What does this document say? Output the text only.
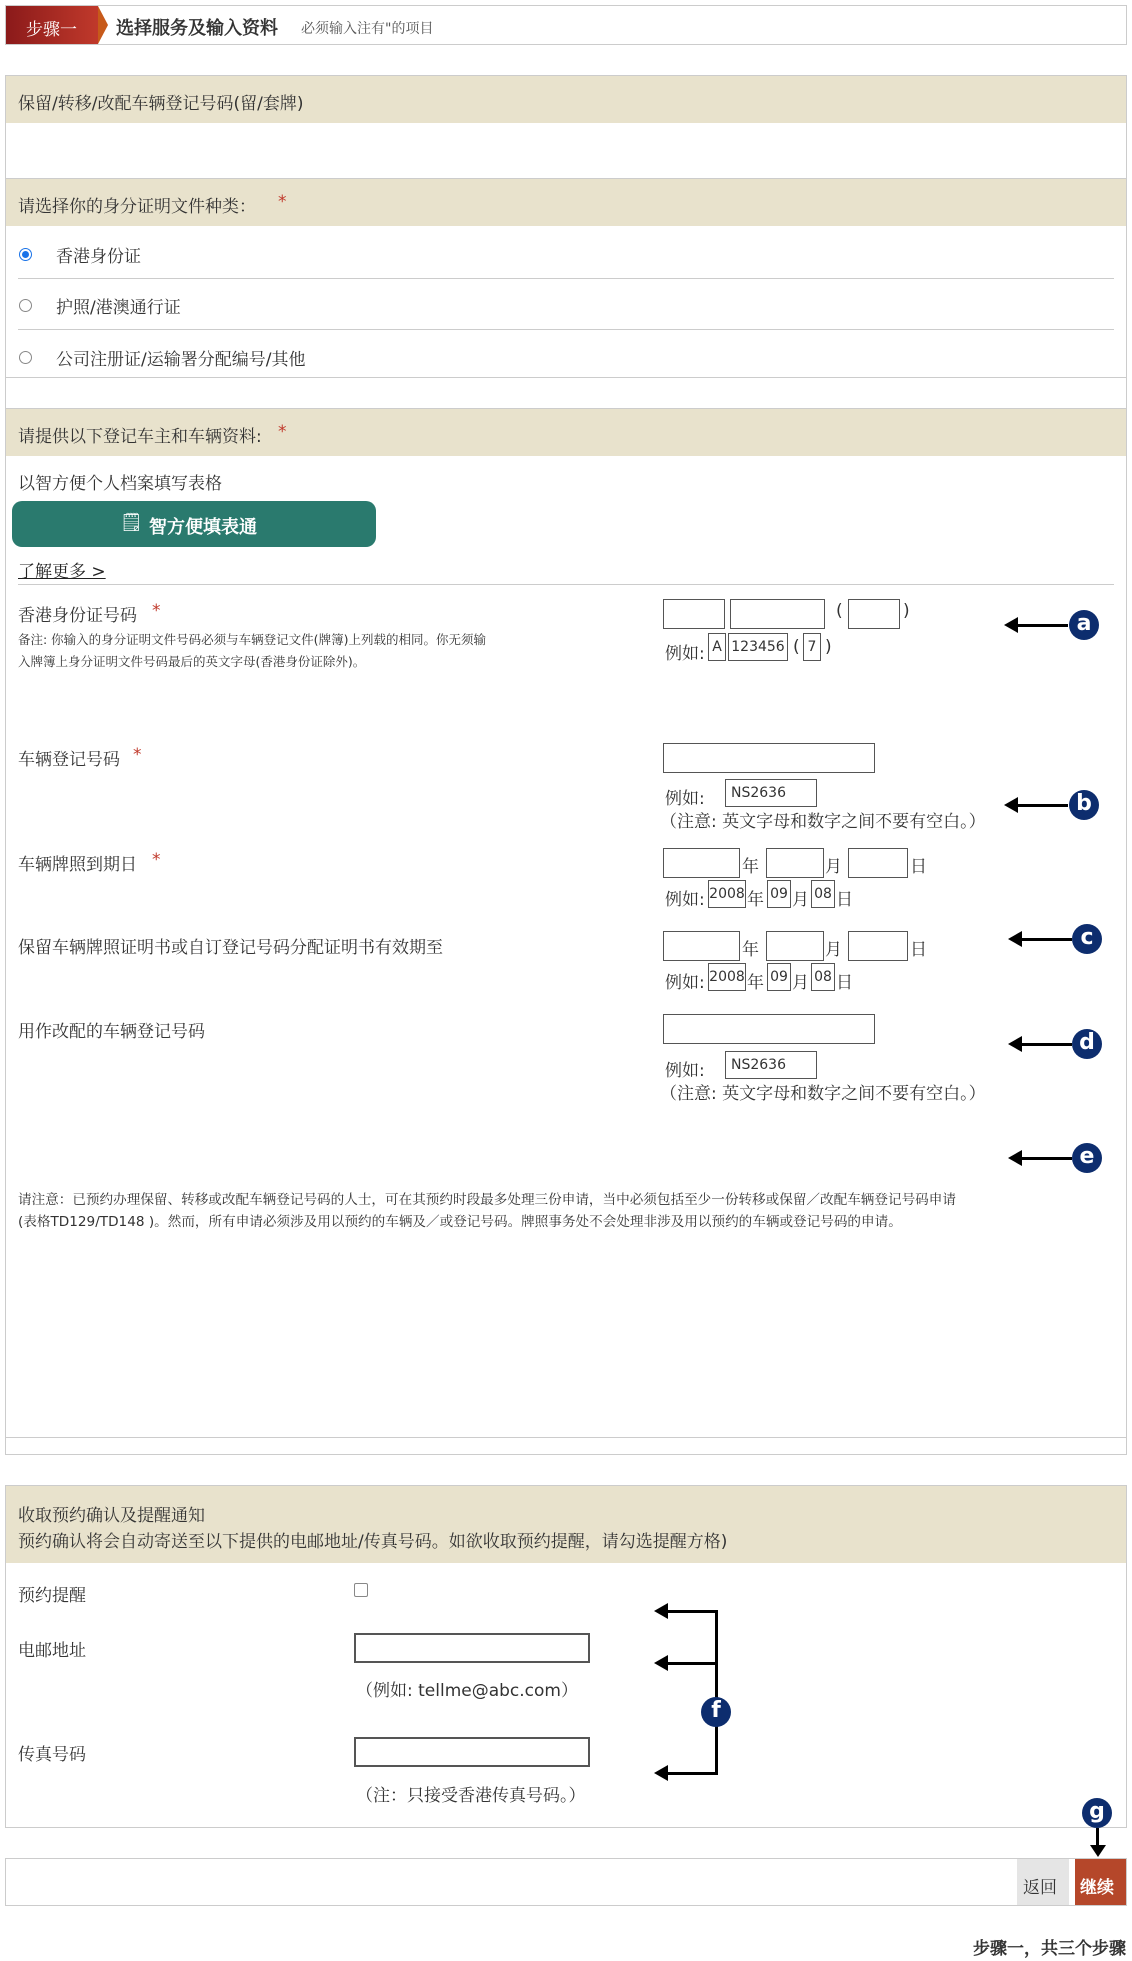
步骤一 选择服务及输入资料 必须输入注有"的项目
保留/转移/改配车辆登记号码(留/套牌)
请选择你的身分证明文件种类： *
香港身份证
护照/港澳通行证
公司注册证/运输署分配编号/其他
请提供以下登记车主和车辆资料: *
以智方便个人档案填写表格
🗒 智方便填表通
了解更多 >
香港身份证号码 *
备注: 你输入的身分证明文件号码必须与车辆登记文件(牌簿)上列载的相同。你无须输
入牌簿上身分证明文件号码最后的英文字母(香港身份证除外)。
(	)
例如: A 123456 ( 7 )
车辆登记号码 *
例如:	NS2636
（注意: 英文字母和数字之间不要有空白。）
车辆牌照到期日 *	年	月	日
例如: 2008 年 09 月 08 日
保留车辆牌照证明书或自订登记号码分配证明书有效期至	年	月	日
例如: 2008 年 09 月 08 日
用作改配的车辆登记号码
例如:	NS2636
（注意: 英文字母和数字之间不要有空白。）
请注意：已预约办理保留、转移或改配车辆登记号码的人士，可在其预约时段最多处理三份申请，当中必须包括至少一份转移或保留／改配车辆登记号码申请
(表格TD129/TD148 )。然而，所有申请必须涉及用以预约的车辆及／或登记号码。牌照事务处不会处理非涉及用以预约的车辆或登记号码的申请。
收取预约确认及提醒通知
预约确认将会自动寄送至以下提供的电邮地址/传真号码。如欲收取预约提醒，请勾选提醒方格)
预约提醒
电邮地址
（例如: tellme@abc.com）
传真号码
（注：只接受香港传真号码。）
返回 继续
步骤一，共三个步骤
a
b
c
d
e
f
g
